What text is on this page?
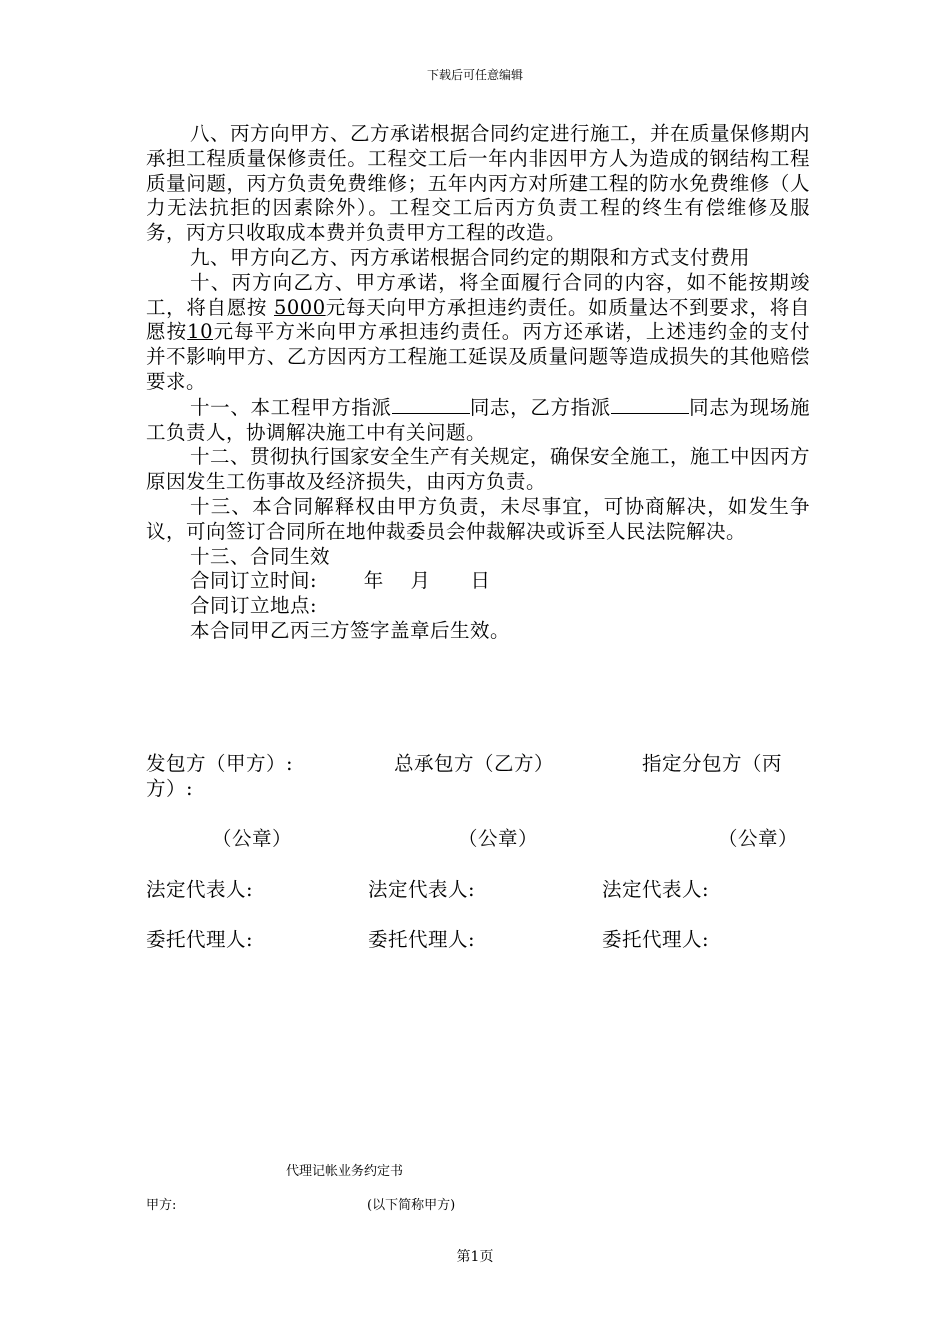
下载后可任意编辑

八、丙方向甲方、乙方承诺根据合同约定进行施工，并在质量保修期内承担工程质量保修责任。工程交工后一年内非因甲方人为造成的钢结构工程质量问题，丙方负责免费维修；五年内丙方对所建工程的防水免费维修（人力无法抗拒的因素除外）。工程交工后丙方负责工程的终生有偿维修及服务，丙方只收取成本费并负责甲方工程的改造。

九、甲方向乙方、丙方承诺根据合同约定的期限和方式支付费用

十、丙方向乙方、甲方承诺，将全面履行合同的内容，如不能按期竣工，将自愿按 5000元每天向甲方承担违约责任。如质量达不到要求，将自愿按10元每平方米向甲方承担违约责任。丙方还承诺，上述违约金的支付并不影响甲方、乙方因丙方工程施工延误及质量问题等造成损失的其他赔偿要求。

十一、本工程甲方指派	同志，乙方指派	同志为现场施工负责人，协调解决施工中有关问题。

十二、贯彻执行国家安全生产有关规定，确保安全施工，施工中因丙方原因发生工伤事故及经济损失，由丙方负责。

十三、本合同解释权由甲方负责，未尽事宜，可协商解决，如发生争议，可向签订合同所在地仲裁委员会仲裁解决或诉至人民法院解决。

十三、合同生效

合同订立时间:　　 年　 月　　日

合同订立地点:

本合同甲乙丙三方签字盖章后生效。

发包方（甲方）:	总承包方（乙方）	指定分包方（丙
方）:
（公章）	（公章）	（公章）
法定代表人:	法定代表人:	法定代表人:
委托代理人:	委托代理人:	委托代理人:
代理记帐业务约定书
甲方:	(以下简称甲方)
第1页
